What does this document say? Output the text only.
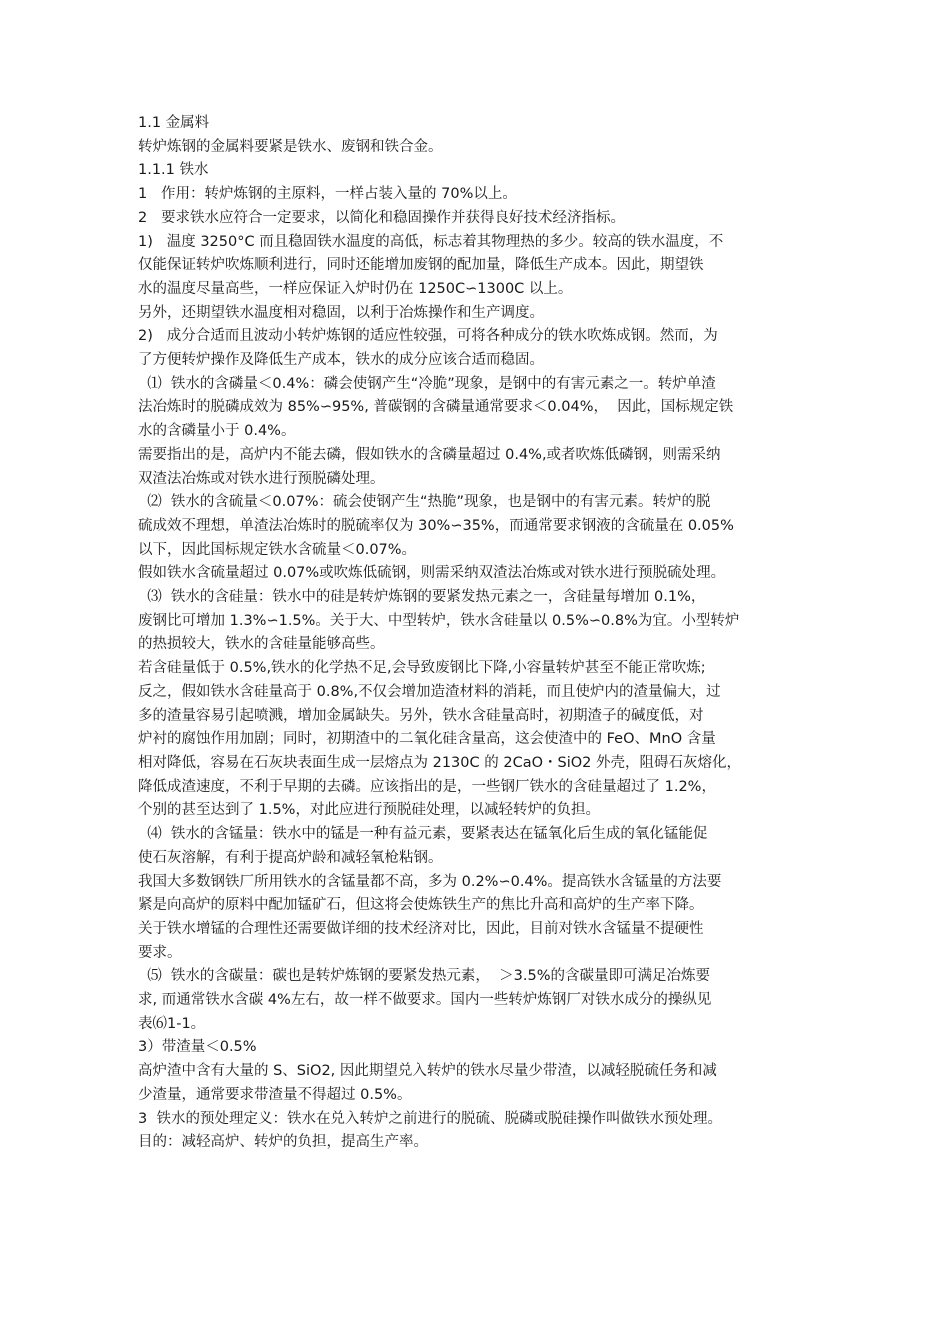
1.1 金属料
转炉炼钢的金属料要紧是铁水、废钢和铁合金。
1.1.1 铁水
1   作用：转炉炼钢的主原料，一样占装入量的 70%以上。
2   要求铁水应符合一定要求，以简化和稳固操作并获得良好技术经济指标。
1)   温度 3250°C 而且稳固铁水温度的高低，标志着其物理热的多少。较高的铁水温度，不
仅能保证转炉吹炼顺利进行，同时还能增加废钢的配加量，降低生产成本。因此，期望铁
水的温度尽量高些，一样应保证入炉时仍在 1250C∽1300C 以上。
另外，还期望铁水温度相对稳固，以利于冶炼操作和生产调度。
2)   成分合适而且波动小转炉炼钢的适应性较强，可将各种成分的铁水吹炼成钢。然而，为
了方便转炉操作及降低生产成本，铁水的成分应该合适而稳固。
⑴  铁水的含磷量＜0.4%：磷会使钢产生“冷脆”现象，是钢中的有害元素之一。转炉单渣
法冶炼时的脱磷成效为 85%∽95%, 普碳钢的含磷量通常要求＜0.04%，  因此，国标规定铁
水的含磷量小于 0.4%。
需要指出的是，高炉内不能去磷，假如铁水的含磷量超过 0.4%,或者吹炼低磷钢，则需采纳
双渣法冶炼或对铁水进行预脱磷处理。
⑵  铁水的含硫量＜0.07%：硫会使钢产生“热脆”现象，也是钢中的有害元素。转炉的脱
硫成效不理想，单渣法冶炼时的脱硫率仅为 30%∽35%，而通常要求钢液的含硫量在 0.05%
以下，因此国标规定铁水含硫量＜0.07%。
假如铁水含硫量超过 0.07%或吹炼低硫钢，则需采纳双渣法冶炼或对铁水进行预脱硫处理。
⑶  铁水的含硅量：铁水中的硅是转炉炼钢的要紧发热元素之一，含硅量每增加 0.1%，
废钢比可增加 1.3%∽1.5%。关于大、中型转炉，铁水含硅量以 0.5%∽0.8%为宜。小型转炉
的热损较大，铁水的含硅量能够高些。
若含硅量低于 0.5%,铁水的化学热不足,会导致废钢比下降,小容量转炉甚至不能正常吹炼;
反之，假如铁水含硅量高于 0.8%,不仅会增加造渣材料的消耗，而且使炉内的渣量偏大，过
多的渣量容易引起喷溅，增加金属缺失。另外，铁水含硅量高时，初期渣子的碱度低，对
炉衬的腐蚀作用加剧；同时，初期渣中的二氧化硅含量高，这会使渣中的 FeO、MnO 含量
相对降低，容易在石灰块表面生成一层熔点为 2130C 的 2CaO・SiO2 外壳，阻碍石灰熔化，
降低成渣速度，不利于早期的去磷。应该指出的是，一些钢厂铁水的含硅量超过了 1.2%，
个别的甚至达到了 1.5%，对此应进行预脱硅处理，以减轻转炉的负担。
⑷  铁水的含锰量：铁水中的锰是一种有益元素，要紧表达在锰氧化后生成的氧化锰能促
使石灰溶解，有利于提高炉龄和减轻氧枪粘钢。
我国大多数钢铁厂所用铁水的含锰量都不高，多为 0.2%∽0.4%。提高铁水含锰量的方法要
紧是向高炉的原料中配加锰矿石，但这将会使炼铁生产的焦比升高和高炉的生产率下降。
关于铁水增锰的合理性还需要做详细的技术经济对比，因此，目前对铁水含锰量不提硬性
要求。
⑸  铁水的含碳量：碳也是转炉炼钢的要紧发热元素，  ＞3.5%的含碳量即可满足冶炼要
求, 而通常铁水含碳 4%左右，故一样不做要求。国内一些转炉炼钢厂对铁水成分的操纵见
表⑹1-1。
3）带渣量＜0.5%
高炉渣中含有大量的 S、SiO2, 因此期望兑入转炉的铁水尽量少带渣，以减轻脱硫任务和减
少渣量，通常要求带渣量不得超过 0.5%。
3  铁水的预处理定义：铁水在兑入转炉之前进行的脱硫、脱磷或脱硅操作叫做铁水预处理。
目的：减轻高炉、转炉的负担，提高生产率。
